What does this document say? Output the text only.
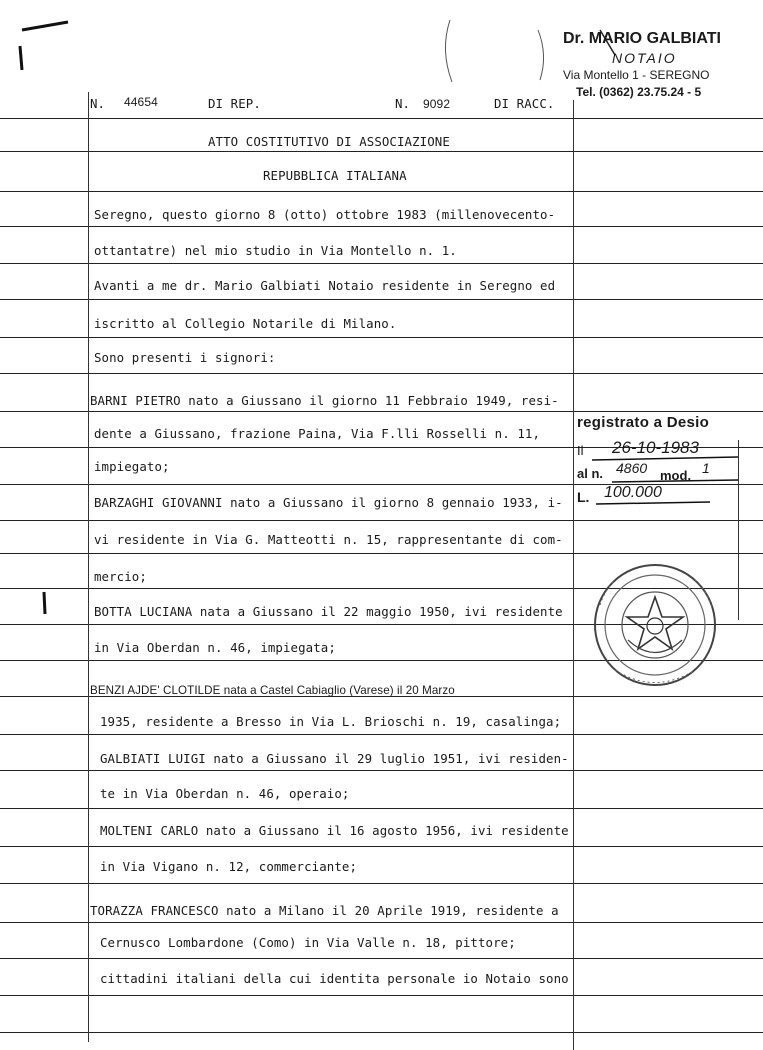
Dr. MARIO GALBIATI
NOTAIO
Via Montello 1 - SEREGNO
Tel. (0362) 23.75.24 - 5
N. 44654	DI REP.	N. 9092	DI RACC.
ATTO COSTITUTIVO DI ASSOCIAZIONE
REPUBBLICA ITALIANA
Seregno, questo giorno 8 (otto) ottobre 1983 (millenovecento-
ottantatre) nel mio studio in Via Montello n. 1.
Avanti a me dr. Mario Galbiati Notaio residente in Seregno ed
iscritto al Collegio Notarile di Milano.
Sono presenti i signori:
BARNI PIETRO nato a Giussano il giorno 11 Febbraio 1949, resi-
dente a Giussano, frazione Paina, Via F.lli Rosselli n. 11,
impiegato;
BARZAGHI GIOVANNI nato a Giussano il giorno 8 gennaio 1933, i-
vi residente in Via G. Matteotti n. 15, rappresentante di com-
mercio;
BOTTA LUCIANA nata a Giussano il 22 maggio 1950, ivi residente
in Via Oberdan n. 46, impiegata;
BENZI AJDE' CLOTILDE nata a Castel Cabiaglio (Varese) il 20 Marzo
1935, residente a Bresso in Via L. Brioschi n. 19, casalinga;
GALBIATI LUIGI nato a Giussano il 29 luglio 1951, ivi residen-
te in Via Oberdan n. 46, operaio;
MOLTENI CARLO nato a Giussano il 16 agosto 1956, ivi residente
in Via Vigano n. 12, commerciante;
TORAZZA FRANCESCO nato a Milano il 20 Aprile 1919, residente a
Cernusco Lombardone (Como) in Via Valle n. 18, pittore;
cittadini italiani della cui identita personale io Notaio sono
registrato a Desio
Il 26-10-1983
al n. 4860 mod. 1
L. 100.000
